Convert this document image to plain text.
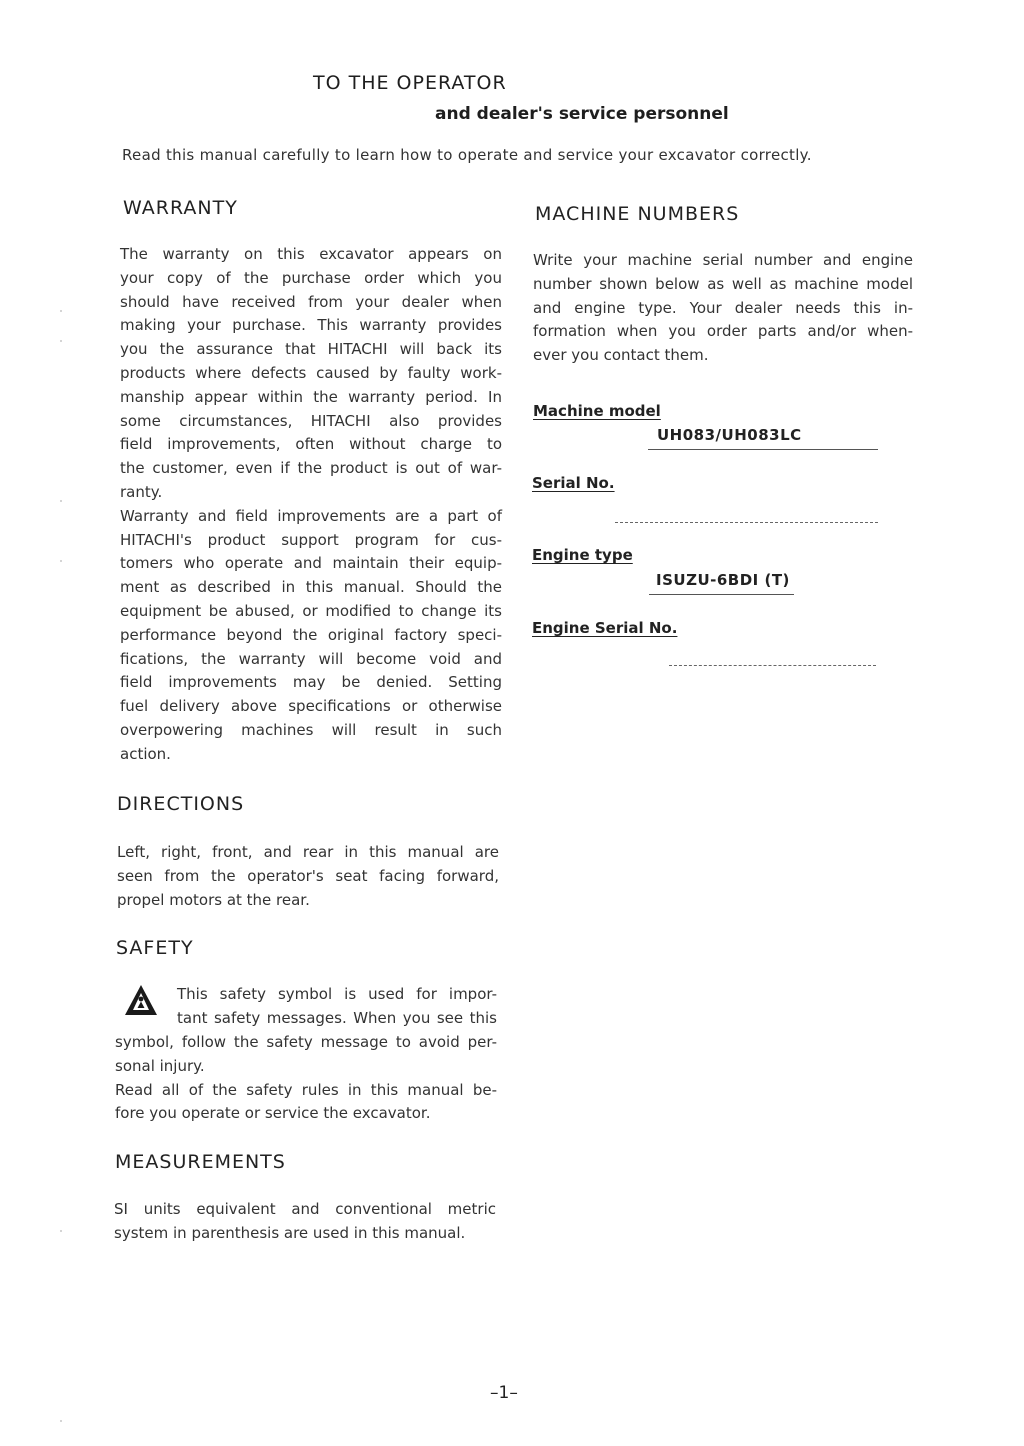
TO THE OPERATOR
and dealer's service personnel
Read this manual carefully to learn how to operate and service your excavator correctly.
WARRANTY
The warranty on this excavator appears on
your copy of the purchase order which you
should have received from your dealer when
making your purchase. This warranty provides
you the assurance that HITACHI will back its
products where defects caused by faulty work-
manship appear within the warranty period. In
some circumstances, HITACHI also provides
field improvements, often without charge to
the customer, even if the product is out of war-
ranty.
Warranty and field improvements are a part of
HITACHI's product support program for cus-
tomers who operate and maintain their equip-
ment as described in this manual. Should the
equipment be abused, or modified to change its
performance beyond the original factory speci-
fications, the warranty will become void and
field improvements may be denied. Setting
fuel delivery above specifications or otherwise
overpowering machines will result in such
action.
MACHINE NUMBERS
Write your machine serial number and engine
number shown below as well as machine model
and engine type. Your dealer needs this in-
formation when you order parts and/or when-
ever you contact them.
Machine model
UH083/UH083LC
Serial No.
Engine type
ISUZU-6BDI (T)
Engine Serial No.
DIRECTIONS
Left, right, front, and rear in this manual are
seen from the operator's seat facing forward,
propel motors at the rear.
SAFETY
This safety symbol is used for impor-
tant safety messages. When you see this
symbol, follow the safety message to avoid per-
sonal injury.
Read all of the safety rules in this manual be-
fore you operate or service the excavator.
MEASUREMENTS
SI units equivalent and conventional metric
system in parenthesis are used in this manual.
–1–
